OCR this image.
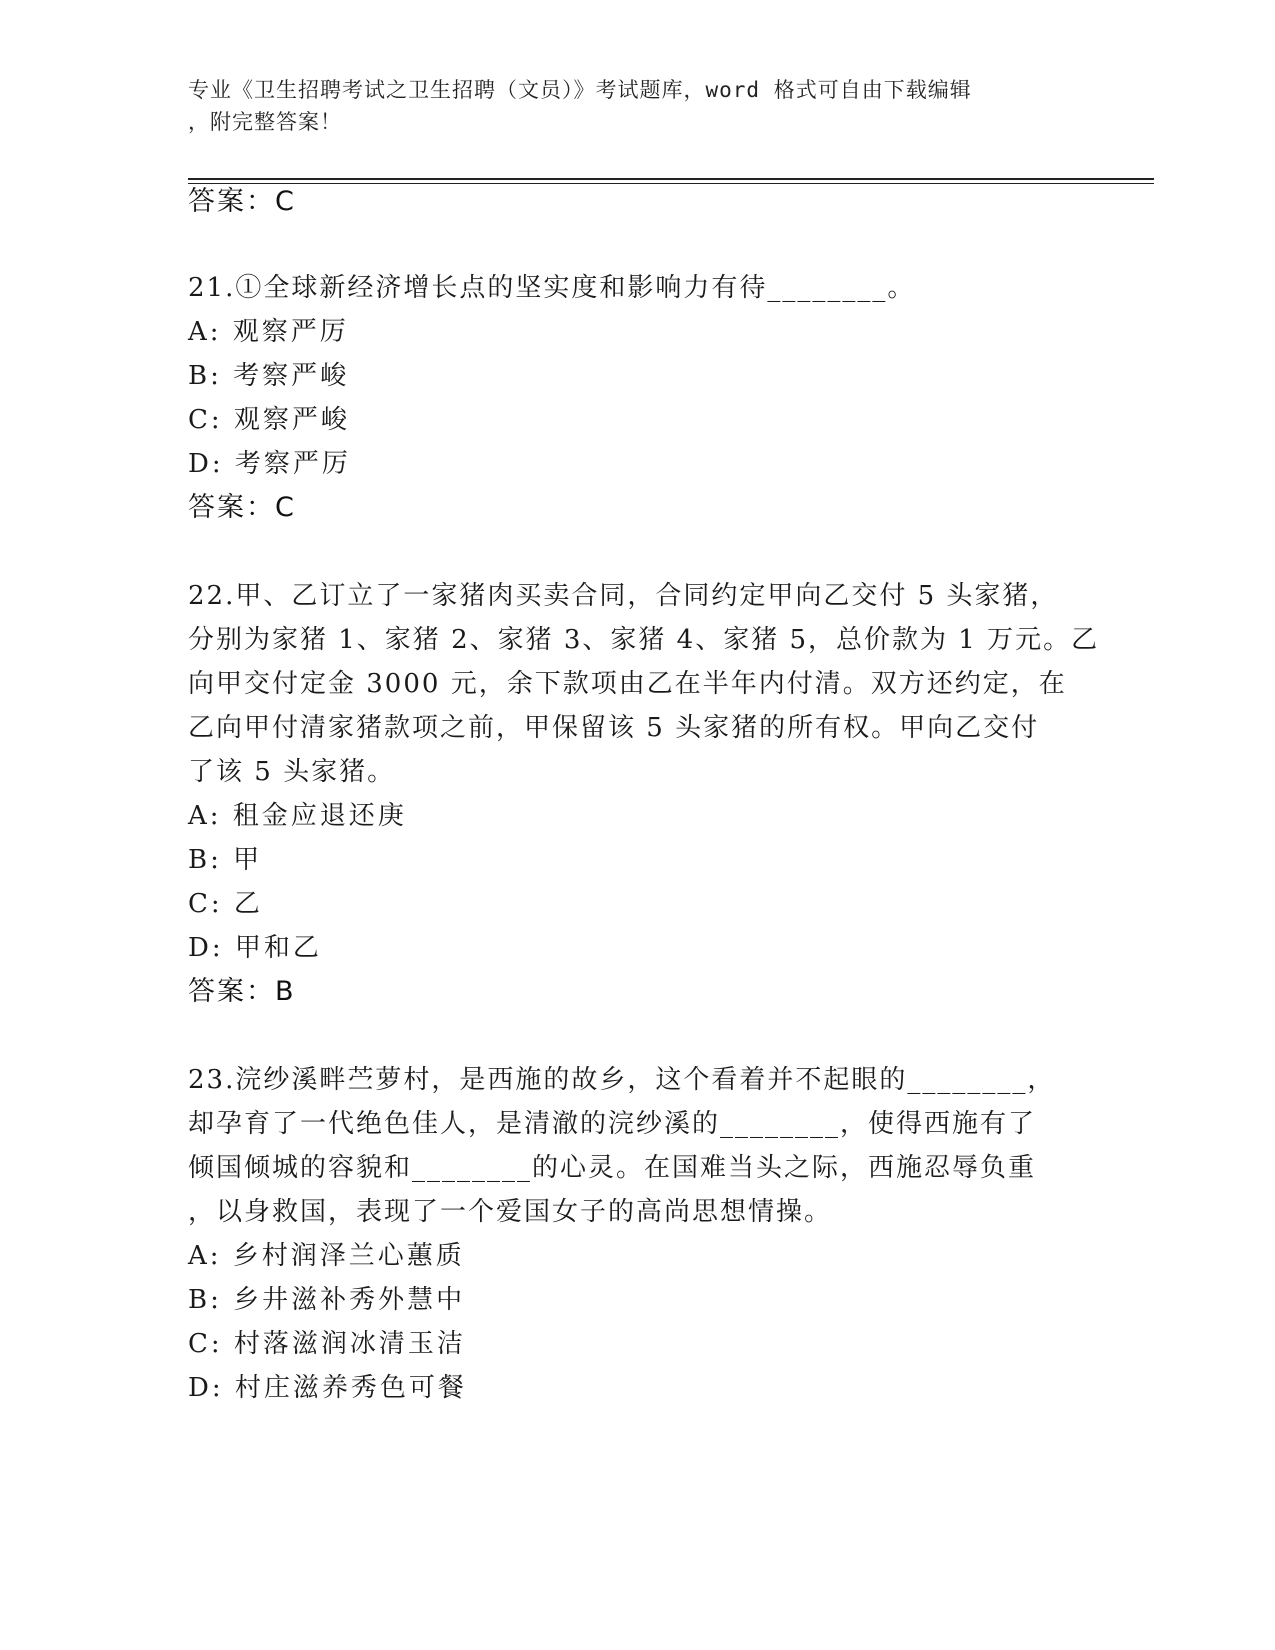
专业《卫生招聘考试之卫生招聘（文员）》考试题库，word 格式可自由下载编辑
，附完整答案！
答案：C
21.①全球新经济增长点的坚实度和影响力有待________。
A: 观察严厉
B: 考察严峻
C: 观察严峻
D: 考察严厉
答案：C
22.甲、乙订立了一家猪肉买卖合同，合同约定甲向乙交付 5 头家猪，
分别为家猪 1、家猪 2、家猪 3、家猪 4、家猪 5，总价款为 1 万元。乙
向甲交付定金 3000 元，余下款项由乙在半年内付清。双方还约定，在
乙向甲付清家猪款项之前，甲保留该 5 头家猪的所有权。甲向乙交付
了该 5 头家猪。
A: 租金应退还庚
B: 甲
C: 乙
D: 甲和乙
答案：B
23.浣纱溪畔苎萝村，是西施的故乡，这个看着并不起眼的________，
却孕育了一代绝色佳人，是清澈的浣纱溪的________，使得西施有了
倾国倾城的容貌和________的心灵。在国难当头之际，西施忍辱负重
，以身救国，表现了一个爱国女子的高尚思想情操。
A: 乡村润泽兰心蕙质
B: 乡井滋补秀外慧中
C: 村落滋润冰清玉洁
D: 村庄滋养秀色可餐
